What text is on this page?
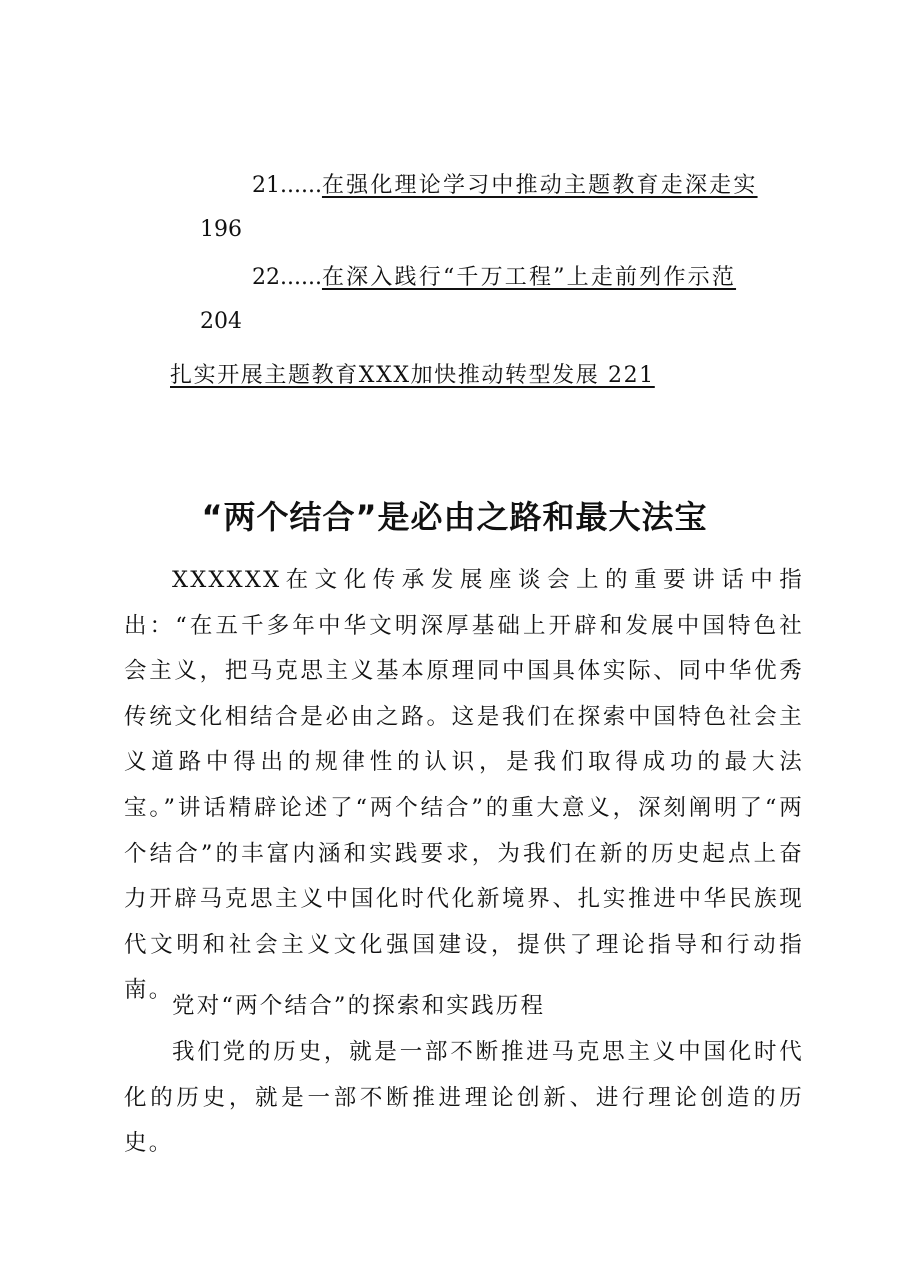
21......在强化理论学习中推动主题教育走深走实
196
22......在深入践行“千万工程”上走前列作示范
204
扎实开展主题教育XXX加快推动转型发展 221
“两个结合”是必由之路和最大法宝

XXXXXX在文化传承发展座谈会上的重要讲话中指出：“在五千多年中华文明深厚基础上开辟和发展中国特色社会主义，把马克思主义基本原理同中国具体实际、同中华优秀传统文化相结合是必由之路。这是我们在探索中国特色社会主义道路中得出的规律性的认识，是我们取得成功的最大法宝。”讲话精辟论述了“两个结合”的重大意义，深刻阐明了“两个结合”的丰富内涵和实践要求，为我们在新的历史起点上奋力开辟马克思主义中国化时代化新境界、扎实推进中华民族现代文明和社会主义文化强国建设，提供了理论指导和行动指南。

党对“两个结合”的探索和实践历程

我们党的历史，就是一部不断推进马克思主义中国化时代化的历史，就是一部不断推进理论创新、进行理论创造的历史。
